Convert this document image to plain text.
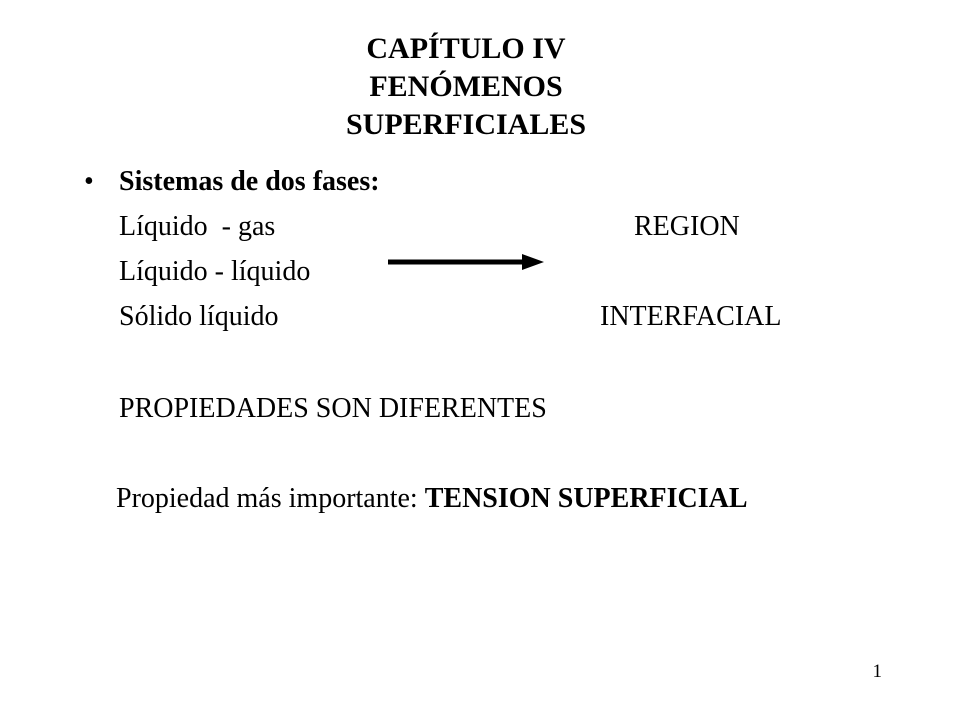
CAPÍTULO IV
FENÓMENOS
SUPERFICIALES
• Sistemas de dos fases:
Líquido  - gas
Líquido - líquido
Sólido líquido
REGION
INTERFACIAL
PROPIEDADES SON DIFERENTES
Propiedad más importante: TENSION SUPERFICIAL
1
